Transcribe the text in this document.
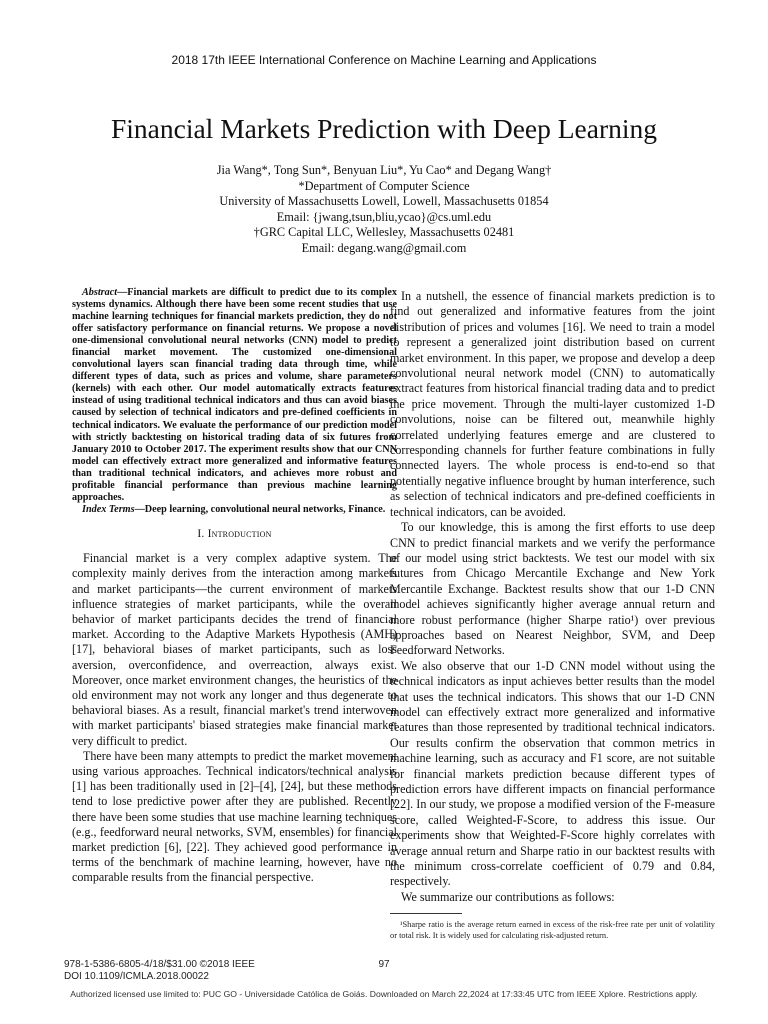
2018 17th IEEE International Conference on Machine Learning and Applications
Financial Markets Prediction with Deep Learning
Jia Wang*, Tong Sun*, Benyuan Liu*, Yu Cao* and Degang Wang†
*Department of Computer Science
University of Massachusetts Lowell, Lowell, Massachusetts 01854
Email: {jwang,tsun,bliu,ycao}@cs.uml.edu
†GRC Capital LLC, Wellesley, Massachusetts 02481
Email: degang.wang@gmail.com
Abstract—Financial markets are difficult to predict due to its complex systems dynamics. Although there have been some recent studies that use machine learning techniques for financial markets prediction, they do not offer satisfactory performance on financial returns. We propose a novel one-dimensional convolutional neural networks (CNN) model to predict financial market movement. The customized one-dimensional convolutional layers scan financial trading data through time, while different types of data, such as prices and volume, share parameters (kernels) with each other. Our model automatically extracts features instead of using traditional technical indicators and thus can avoid biases caused by selection of technical indicators and pre-defined coefficients in technical indicators. We evaluate the performance of our prediction model with strictly backtesting on historical trading data of six futures from January 2010 to October 2017. The experiment results show that our CNN model can effectively extract more generalized and informative features than traditional technical indicators, and achieves more robust and profitable financial performance than previous machine learning approaches.
Index Terms—Deep learning, convolutional neural networks, Finance.
I. Introduction

Financial market is a very complex adaptive system. The complexity mainly derives from the interaction among markets and market participants—the current environment of markets influence strategies of market participants, while the overall behavior of market participants decides the trend of financial market. According to the Adaptive Markets Hypothesis (AMH) [17], behavioral biases of market participants, such as loss aversion, overconfidence, and overreaction, always exist. Moreover, once market environment changes, the heuristics of the old environment may not work any longer and thus degenerate to behavioral biases. As a result, financial market's trend interwoven with market participants' biased strategies make financial market very difficult to predict.

There have been many attempts to predict the market movement using various approaches. Technical indicators/technical analysis [1] has been traditionally used in [2]–[4], [24], but these methods tend to lose predictive power after they are published. Recently there have been some studies that use machine learning techniques (e.g., feedforward neural networks, SVM, ensembles) for financial market prediction [6], [22]. They achieved good performance in terms of the benchmark of machine learning, however, have no comparable results from the financial perspective.

In a nutshell, the essence of financial markets prediction is to find out generalized and informative features from the joint distribution of prices and volumes [16]. We need to train a model to represent a generalized joint distribution based on current market environment. In this paper, we propose and develop a deep convolutional neural network model (CNN) to automatically extract features from historical financial trading data and to predict the price movement. Through the multi-layer customized 1-D convolutions, noise can be filtered out, meanwhile highly correlated underlying features emerge and are clustered to corresponding channels for further feature combinations in fully connected layers. The whole process is end-to-end so that potentially negative influence brought by human interference, such as selection of technical indicators and pre-defined coefficients in technical indicators, can be avoided.

To our knowledge, this is among the first efforts to use deep CNN to predict financial markets and we verify the performance of our model using strict backtests. We test our model with six futures from Chicago Mercantile Exchange and New York Mercantile Exchange. Backtest results show that our 1-D CNN model achieves significantly higher average annual return and more robust performance (higher Sharpe ratio¹) over previous approaches based on Nearest Neighbor, SVM, and Deep Feedforward Networks.

We also observe that our 1-D CNN model without using the technical indicators as input achieves better results than the model that uses the technical indicators. This shows that our 1-D CNN model can effectively extract more generalized and informative features than those represented by traditional technical indicators. Our results confirm the observation that common metrics in machine learning, such as accuracy and F1 score, are not suitable for financial markets prediction because different types of prediction errors have different impacts on financial performance [22]. In our study, we propose a modified version of the F-measure score, called Weighted-F-Score, to address this issue. Our experiments show that Weighted-F-Score highly correlates with average annual return and Sharpe ratio in our backtest results with the minimum cross-correlate coefficient of 0.79 and 0.84, respectively.

We summarize our contributions as follows:

¹Sharpe ratio is the average return earned in excess of the risk-free rate per unit of volatility or total risk. It is widely used for calculating risk-adjusted return.
978-1-5386-6805-4/18/$31.00 ©2018 IEEE
DOI 10.1109/ICMLA.2018.00022
97
Authorized licensed use limited to: PUC GO - Universidade Católica de Goiás. Downloaded on March 22,2024 at 17:33:45 UTC from IEEE Xplore. Restrictions apply.
